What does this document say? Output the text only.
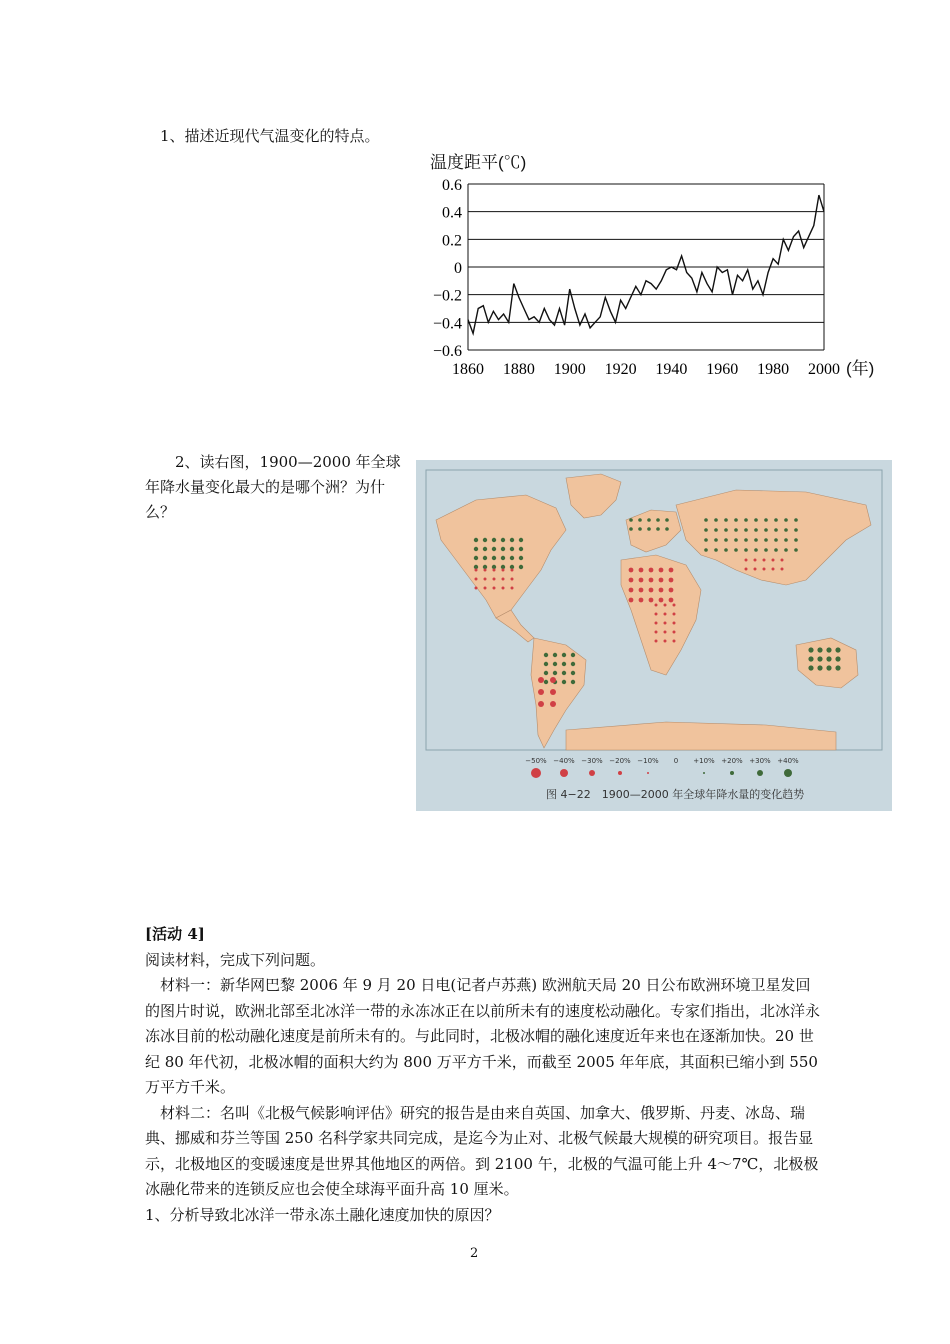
1、描述近现代气温变化的特点。
温度距平(℃)
0.6
0.4
0.2
0
−0.2
−0.4
−0.6
1860 1880 1900 1920 1940 1960 1980 2000 (年)
2、读右图，1900—2000 年全球年降水量变化最大的是哪个洲？为什么？
−50% −40% −30% −20% −10% 0 +10% +20% +30% +40%
图 4−22　1900—2000 年全球年降水量的变化趋势

[活动 4]

阅读材料，完成下列问题。

材料一：新华网巴黎 2006 年 9 月 20 日电(记者卢苏燕) 欧洲航天局 20 日公布欧洲环境卫星发回的图片时说，欧洲北部至北冰洋一带的永冻冰正在以前所未有的速度松动融化。专家们指出，北冰洋永冻冰目前的松动融化速度是前所未有的。与此同时，北极冰帽的融化速度近年来也在逐渐加快。20 世纪 80 年代初，北极冰帽的面积大约为 800 万平方千米，而截至 2005 年年底，其面积已缩小到 550 万平方千米。

材料二：名叫《北极气候影响评估》研究的报告是由来自英国、加拿大、俄罗斯、丹麦、冰岛、瑞典、挪威和芬兰等国 250 名科学家共同完成，是迄今为止对、北极气候最大规模的研究项目。报告显示，北极地区的变暖速度是世界其他地区的两倍。到 2100 午，北极的气温可能上升 4～7℃，北极极冰融化带来的连锁反应也会使全球海平面升高 10 厘米。

1、分析导致北冰洋一带永冻土融化速度加快的原因？

2
